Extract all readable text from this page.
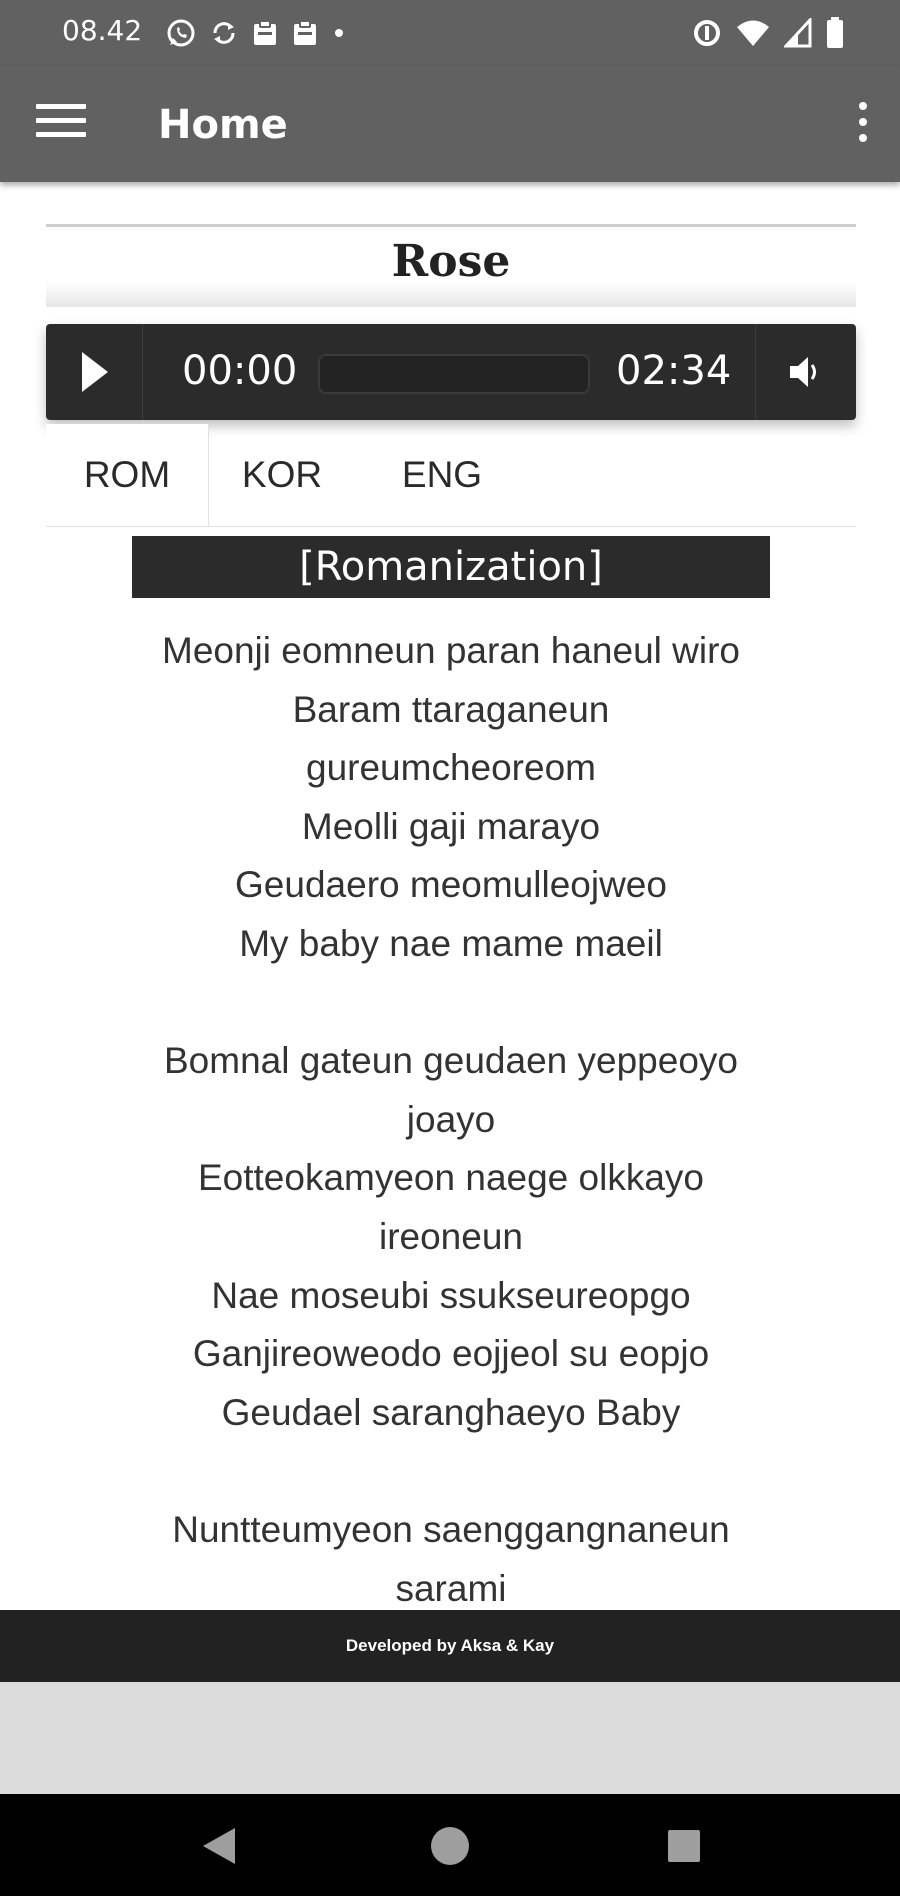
08.42
Home
Rose
00:00	02:34
ROM	KOR	ENG
[Romanization]
Meonji eomneun paran haneul wiro
Baram ttaraganeun
gureumcheoreom
Meolli gaji marayo
Geudaero meomulleojweo
My baby nae mame maeil
Bomnal gateun geudaen yeppeoyo
joayo
Eotteokamyeon naege olkkayo
ireoneun
Nae moseubi ssukseureopgo
Ganjireoweodo eojjeol su eopjo
Geudael saranghaeyo Baby
Nuntteumyeon saenggangnaneun
sarami
Developed by Aksa & Kay
